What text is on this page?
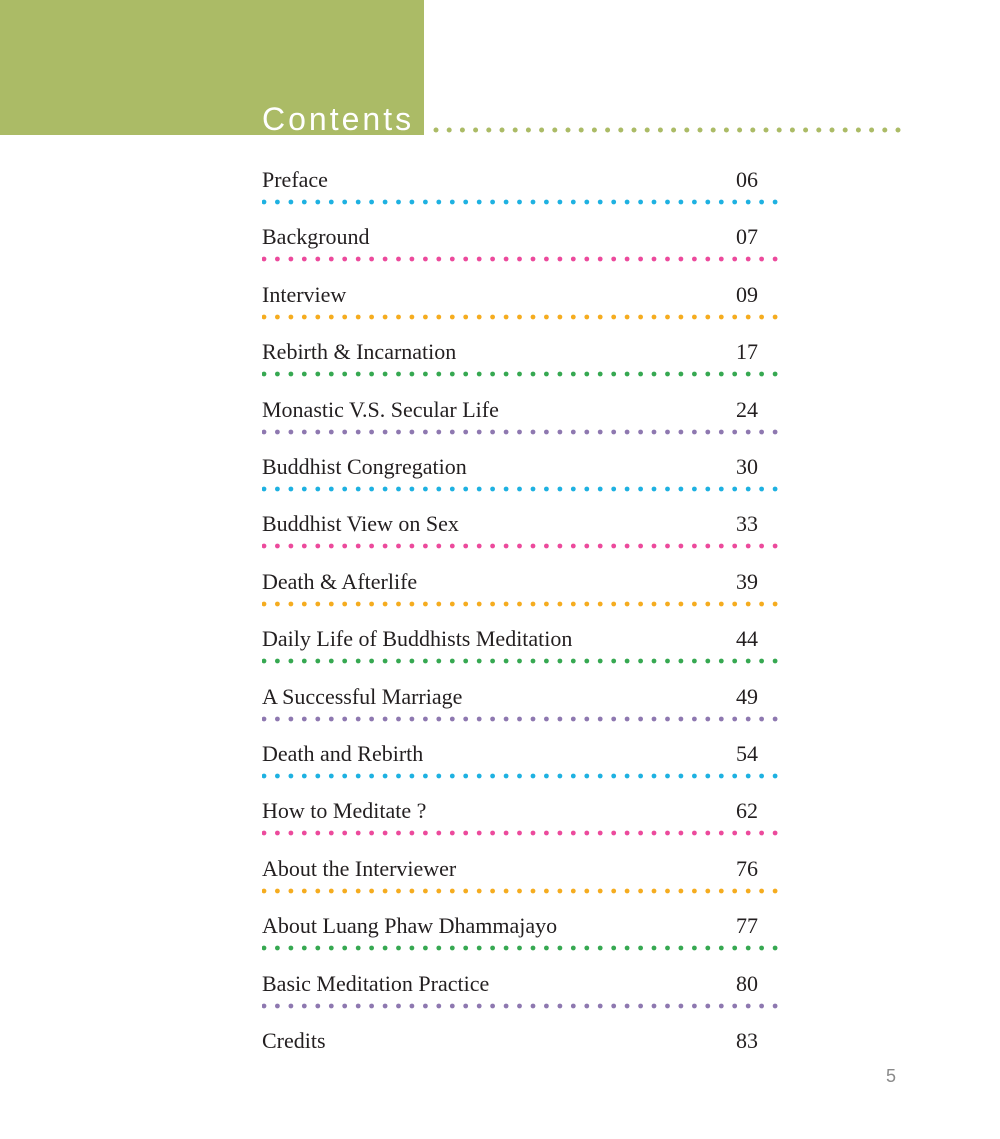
Contents
Preface	06
Background	07
Interview	09
Rebirth & Incarnation	17
Monastic V.S. Secular Life	24
Buddhist Congregation	30
Buddhist View on Sex	33
Death & Afterlife	39
Daily Life of Buddhists Meditation	44
A Successful Marriage	49
Death and Rebirth	54
How to Meditate ?	62
About the Interviewer	76
About Luang Phaw Dhammajayo	77
Basic Meditation Practice	80
Credits	83
5
